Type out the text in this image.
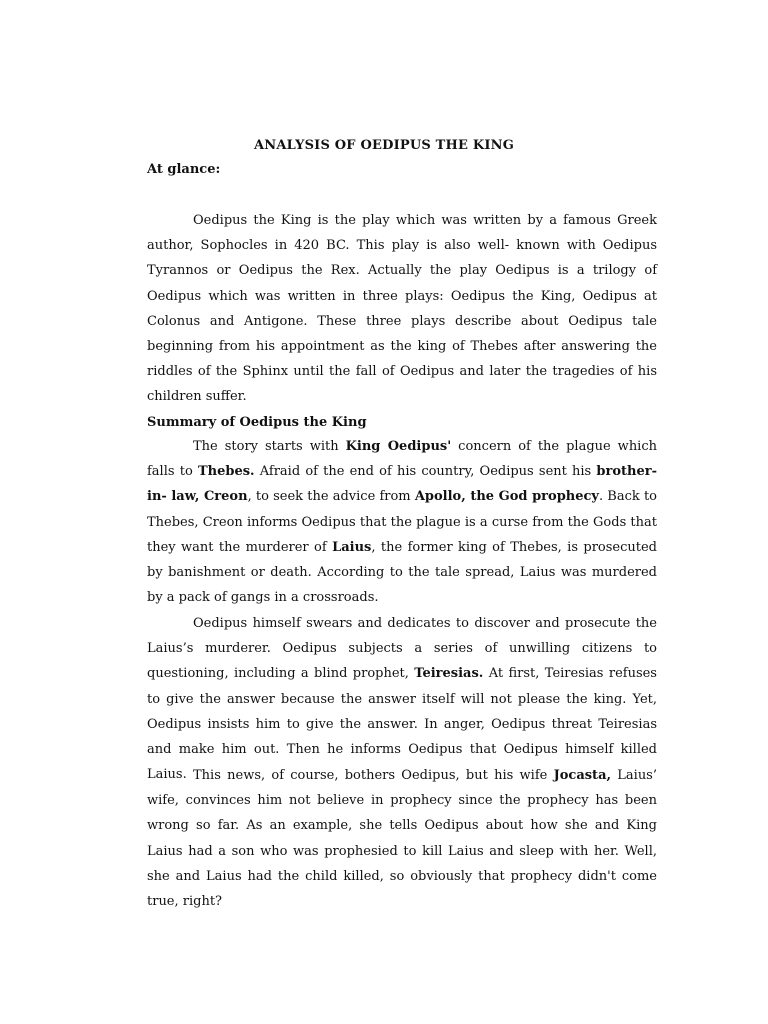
ANALYSIS OF OEDIPUS THE KING
At glance:

Oedipus the King is the play which was written by a famous Greek author, Sophocles in 420 BC. This play is also well- known with Oedipus Tyrannos or Oedipus the Rex. Actually the play Oedipus is a trilogy of Oedipus which was written in three plays: Oedipus the King, Oedipus at Colonus and Antigone. These three plays describe about Oedipus tale beginning from his appointment as the king of Thebes after answering the riddles of the Sphinx until the fall of Oedipus and later the tragedies of his children suffer.

Summary of Oedipus the King

The story starts with King Oedipus' concern of the plague which falls to Thebes. Afraid of the end of his country, Oedipus sent his brother- in- law, Creon, to seek the advice from Apollo, the God prophecy. Back to Thebes, Creon informs Oedipus that the plague is a curse from the Gods that they want the murderer of Laius, the former king of Thebes, is prosecuted by banishment or death. According to the tale spread, Laius was murdered by a pack of gangs in a crossroads.

Oedipus himself swears and dedicates to discover and prosecute the Laius’s murderer. Oedipus subjects a series of unwilling citizens to questioning, including a blind prophet, Teiresias. At first, Teiresias refuses to give the answer because the answer itself will not please the king. Yet, Oedipus insists him to give the answer. In anger, Oedipus threat Teiresias and make him out. Then he informs Oedipus that Oedipus himself killed Laius. This news, of course, bothers Oedipus, but his wife Jocasta, Laius’ wife, convinces him not believe in prophecy since the prophecy has been wrong so far. As an example, she tells Oedipus about how she and King Laius had a son who was prophesied to kill Laius and sleep with her. Well, she and Laius had the child killed, so obviously that prophecy didn't come true, right?
